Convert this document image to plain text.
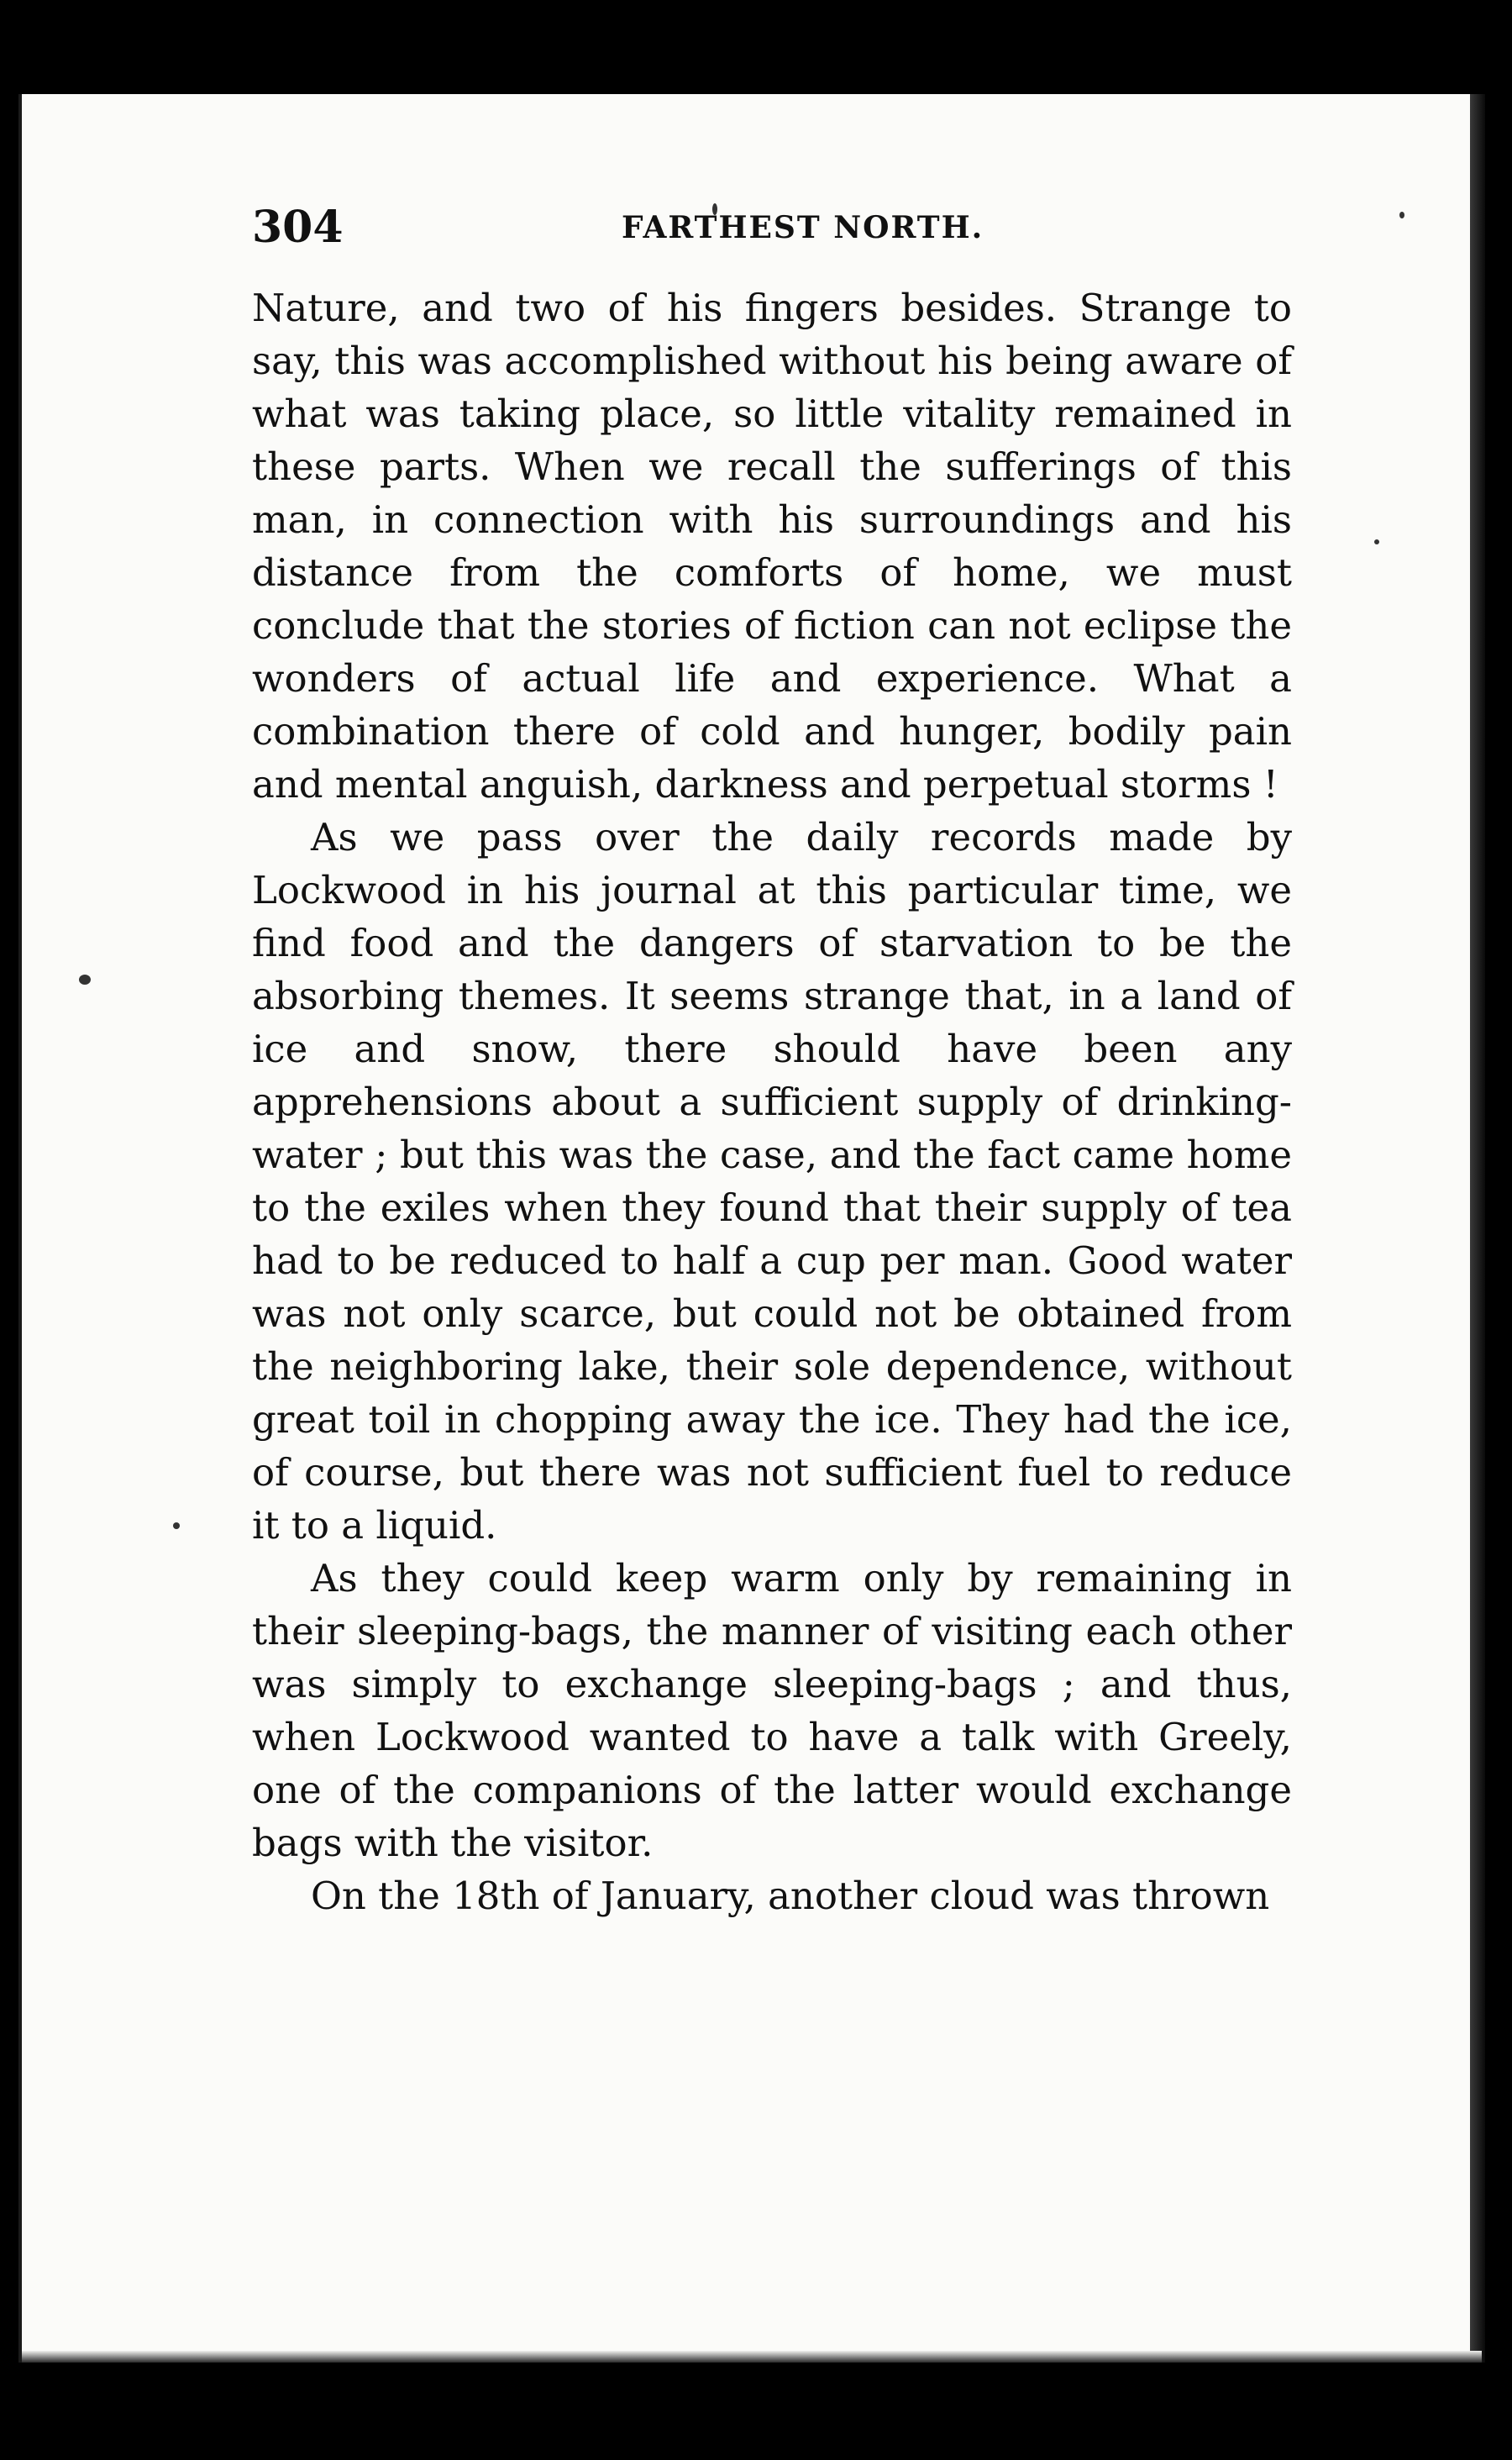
304	FARTHEST NORTH.

Nature, and two of his fingers besides. Strange to say, this was accomplished without his being aware of what was taking place, so little vitality remained in these parts. When we recall the sufferings of this man, in connection with his surroundings and his distance from the comforts of home, we must conclude that the stories of fiction can not eclipse the wonders of actual life and experience. What a combination there of cold and hunger, bodily pain and mental anguish, darkness and perpetual storms !

As we pass over the daily records made by Lockwood in his journal at this particular time, we find food and the dangers of starvation to be the absorbing themes. It seems strange that, in a land of ice and snow, there should have been any apprehensions about a sufficient supply of drinking-water ; but this was the case, and the fact came home to the exiles when they found that their supply of tea had to be reduced to half a cup per man. Good water was not only scarce, but could not be obtained from the neighboring lake, their sole dependence, without great toil in chopping away the ice. They had the ice, of course, but there was not sufficient fuel to reduce it to a liquid.

As they could keep warm only by remaining in their sleeping-bags, the manner of visiting each other was simply to exchange sleeping-bags ; and thus, when Lockwood wanted to have a talk with Greely, one of the companions of the latter would exchange bags with the visitor.

On the 18th of January, another cloud was thrown
